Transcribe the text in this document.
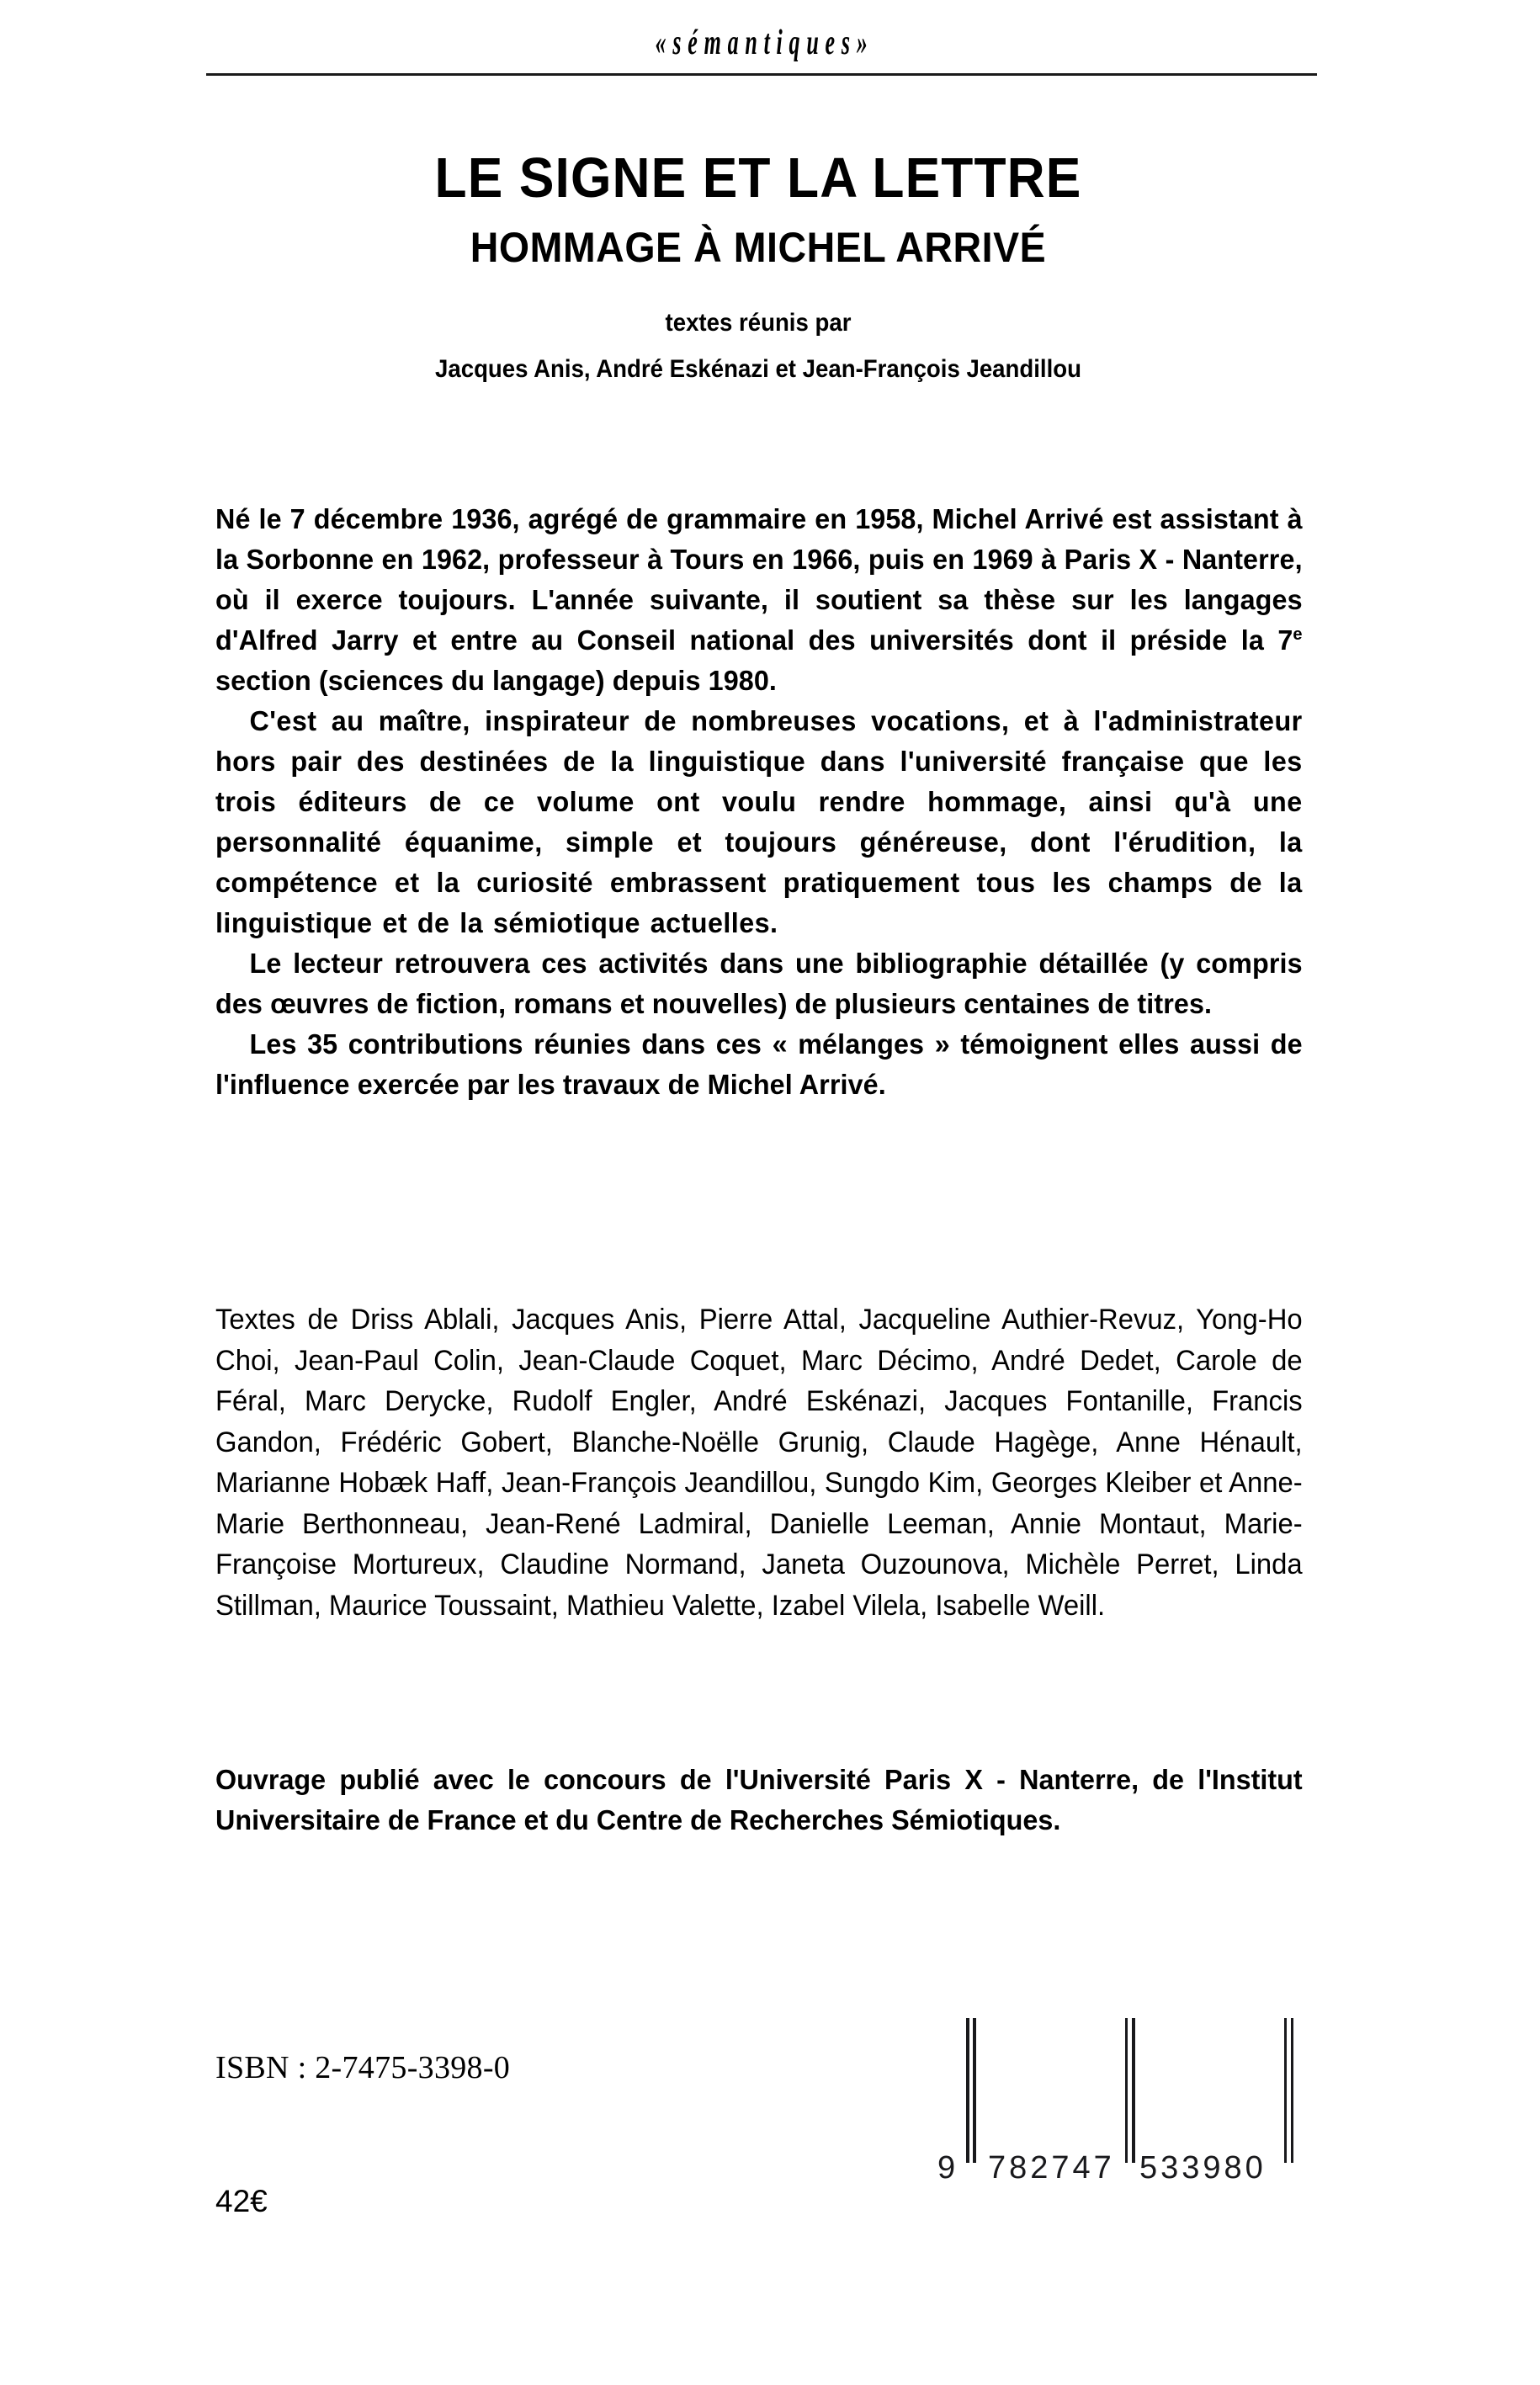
« s é m a n t i q u e s »
LE SIGNE ET LA LETTRE
HOMMAGE À MICHEL ARRIVÉ
textes réunis par
Jacques Anis, André Eskénazi et Jean-François Jeandillou

Né le 7 décembre 1936, agrégé de grammaire en 1958, Michel Arrivé est assistant à la Sorbonne en 1962, professeur à Tours en 1966, puis en 1969 à Paris X - Nanterre, où il exerce toujours. L'année suivante, il soutient sa thèse sur les langages d'Alfred Jarry et entre au Conseil national des universités dont il préside la 7e section (sciences du langage) depuis 1980.

C'est au maître, inspirateur de nombreuses vocations, et à l'administrateur hors pair des destinées de la linguistique dans l'université française que les trois éditeurs de ce volume ont voulu rendre hommage, ainsi qu'à une personnalité équanime, simple et toujours généreuse, dont l'érudition, la compétence et la curiosité embrassent pratiquement tous les champs de la linguistique et de la sémiotique actuelles.

Le lecteur retrouvera ces activités dans une bibliographie détaillée (y compris des œuvres de fiction, romans et nouvelles) de plusieurs centaines de titres.

Les 35 contributions réunies dans ces « mélanges » témoignent elles aussi de l'influence exercée par les travaux de Michel Arrivé.

Textes de Driss Ablali, Jacques Anis, Pierre Attal, Jacqueline Authier-Revuz, Yong-Ho Choi, Jean-Paul Colin, Jean-Claude Coquet, Marc Décimo, André Dedet, Carole de Féral, Marc Derycke, Rudolf Engler, André Eskénazi, Jacques Fontanille, Francis Gandon, Frédéric Gobert, Blanche-Noëlle Grunig, Claude Hagège, Anne Hénault, Marianne Hobæk Haff, Jean-François Jeandillou, Sungdo Kim, Georges Kleiber et Anne-Marie Berthonneau, Jean-René Ladmiral, Danielle Leeman, Annie Montaut, Marie-Françoise Mortureux, Claudine Normand, Janeta Ouzounova, Michèle Perret, Linda Stillman, Maurice Toussaint, Mathieu Valette, Izabel Vilela, Isabelle Weill.

Ouvrage publié avec le concours de l'Université Paris X - Nanterre, de l'Institut Universitaire de France et du Centre de Recherches Sémiotiques.

ISBN : 2-7475-3398-0
42€
9 782747 533980
